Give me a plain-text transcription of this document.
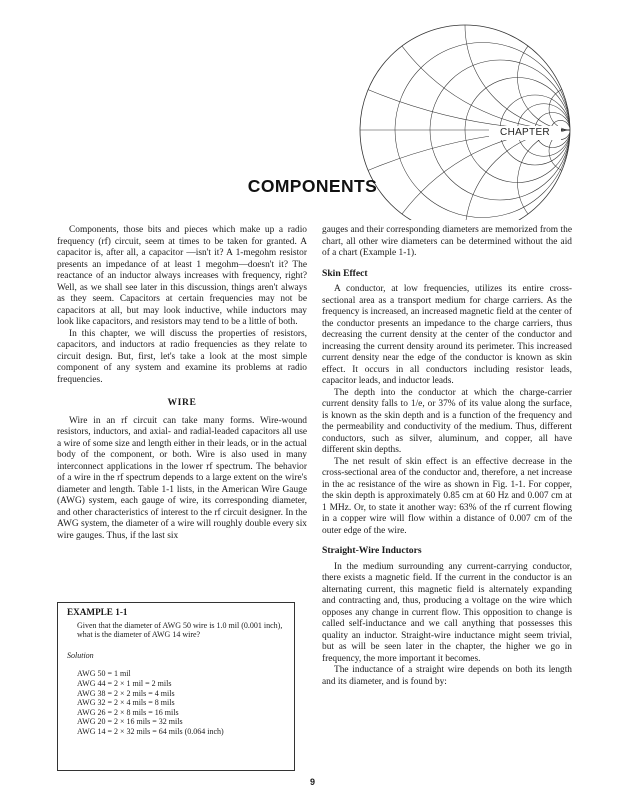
CHAPTER
COMPONENTS

Components, those bits and pieces which make up a radio frequency (rf) circuit, seem at times to be taken for granted. A capacitor is, after all, a capacitor —isn't it? A 1-megohm resistor presents an impedance of at least 1 megohm—doesn't it? The reactance of an inductor always increases with frequency, right? Well, as we shall see later in this discussion, things aren't always as they seem. Capacitors at certain frequencies may not be capacitors at all, but may look inductive, while inductors may look like capacitors, and resistors may tend to be a little of both.

In this chapter, we will discuss the properties of resistors, capacitors, and inductors at radio frequencies as they relate to circuit design. But, first, let's take a look at the most simple component of any system and examine its problems at radio frequencies.

WIRE

Wire in an rf circuit can take many forms. Wire-wound resistors, inductors, and axial- and radial-leaded capacitors all use a wire of some size and length either in their leads, or in the actual body of the component, or both. Wire is also used in many interconnect applications in the lower rf spectrum. The behavior of a wire in the rf spectrum depends to a large extent on the wire's diameter and length. Table 1-1 lists, in the American Wire Gauge (AWG) system, each gauge of wire, its corresponding diameter, and other characteristics of interest to the rf circuit designer. In the AWG system, the diameter of a wire will roughly double every six wire gauges. Thus, if the last six

EXAMPLE 1-1
Given that the diameter of AWG 50 wire is 1.0 mil (0.001 inch), what is the diameter of AWG 14 wire?
Solution
AWG 50 = 1 mil
AWG 44 = 2 × 1 mil = 2 mils
AWG 38 = 2 × 2 mils = 4 mils
AWG 32 = 2 × 4 mils = 8 mils
AWG 26 = 2 × 8 mils = 16 mils
AWG 20 = 2 × 16 mils = 32 mils
AWG 14 = 2 × 32 mils = 64 mils (0.064 inch)

gauges and their corresponding diameters are memorized from the chart, all other wire diameters can be determined without the aid of a chart (Example 1-1).

Skin Effect

A conductor, at low frequencies, utilizes its entire cross-sectional area as a transport medium for charge carriers. As the frequency is increased, an increased magnetic field at the center of the conductor presents an impedance to the charge carriers, thus decreasing the current density at the center of the conductor and increasing the current density around its perimeter. This increased current density near the edge of the conductor is known as skin effect. It occurs in all conductors including resistor leads, capacitor leads, and inductor leads.

The depth into the conductor at which the charge-carrier current density falls to 1/e, or 37% of its value along the surface, is known as the skin depth and is a function of the frequency and the permeability and conductivity of the medium. Thus, different conductors, such as silver, aluminum, and copper, all have different skin depths.

The net result of skin effect is an effective decrease in the cross-sectional area of the conductor and, therefore, a net increase in the ac resistance of the wire as shown in Fig. 1-1. For copper, the skin depth is approximately 0.85 cm at 60 Hz and 0.007 cm at 1 MHz. Or, to state it another way: 63% of the rf current flowing in a copper wire will flow within a distance of 0.007 cm of the outer edge of the wire.

Straight-Wire Inductors

In the medium surrounding any current-carrying conductor, there exists a magnetic field. If the current in the conductor is an alternating current, this magnetic field is alternately expanding and contracting and, thus, producing a voltage on the wire which opposes any change in current flow. This opposition to change is called self-inductance and we call anything that possesses this quality an inductor. Straight-wire inductance might seem trivial, but as will be seen later in the chapter, the higher we go in frequency, the more important it becomes.

The inductance of a straight wire depends on both its length and its diameter, and is found by:

9
